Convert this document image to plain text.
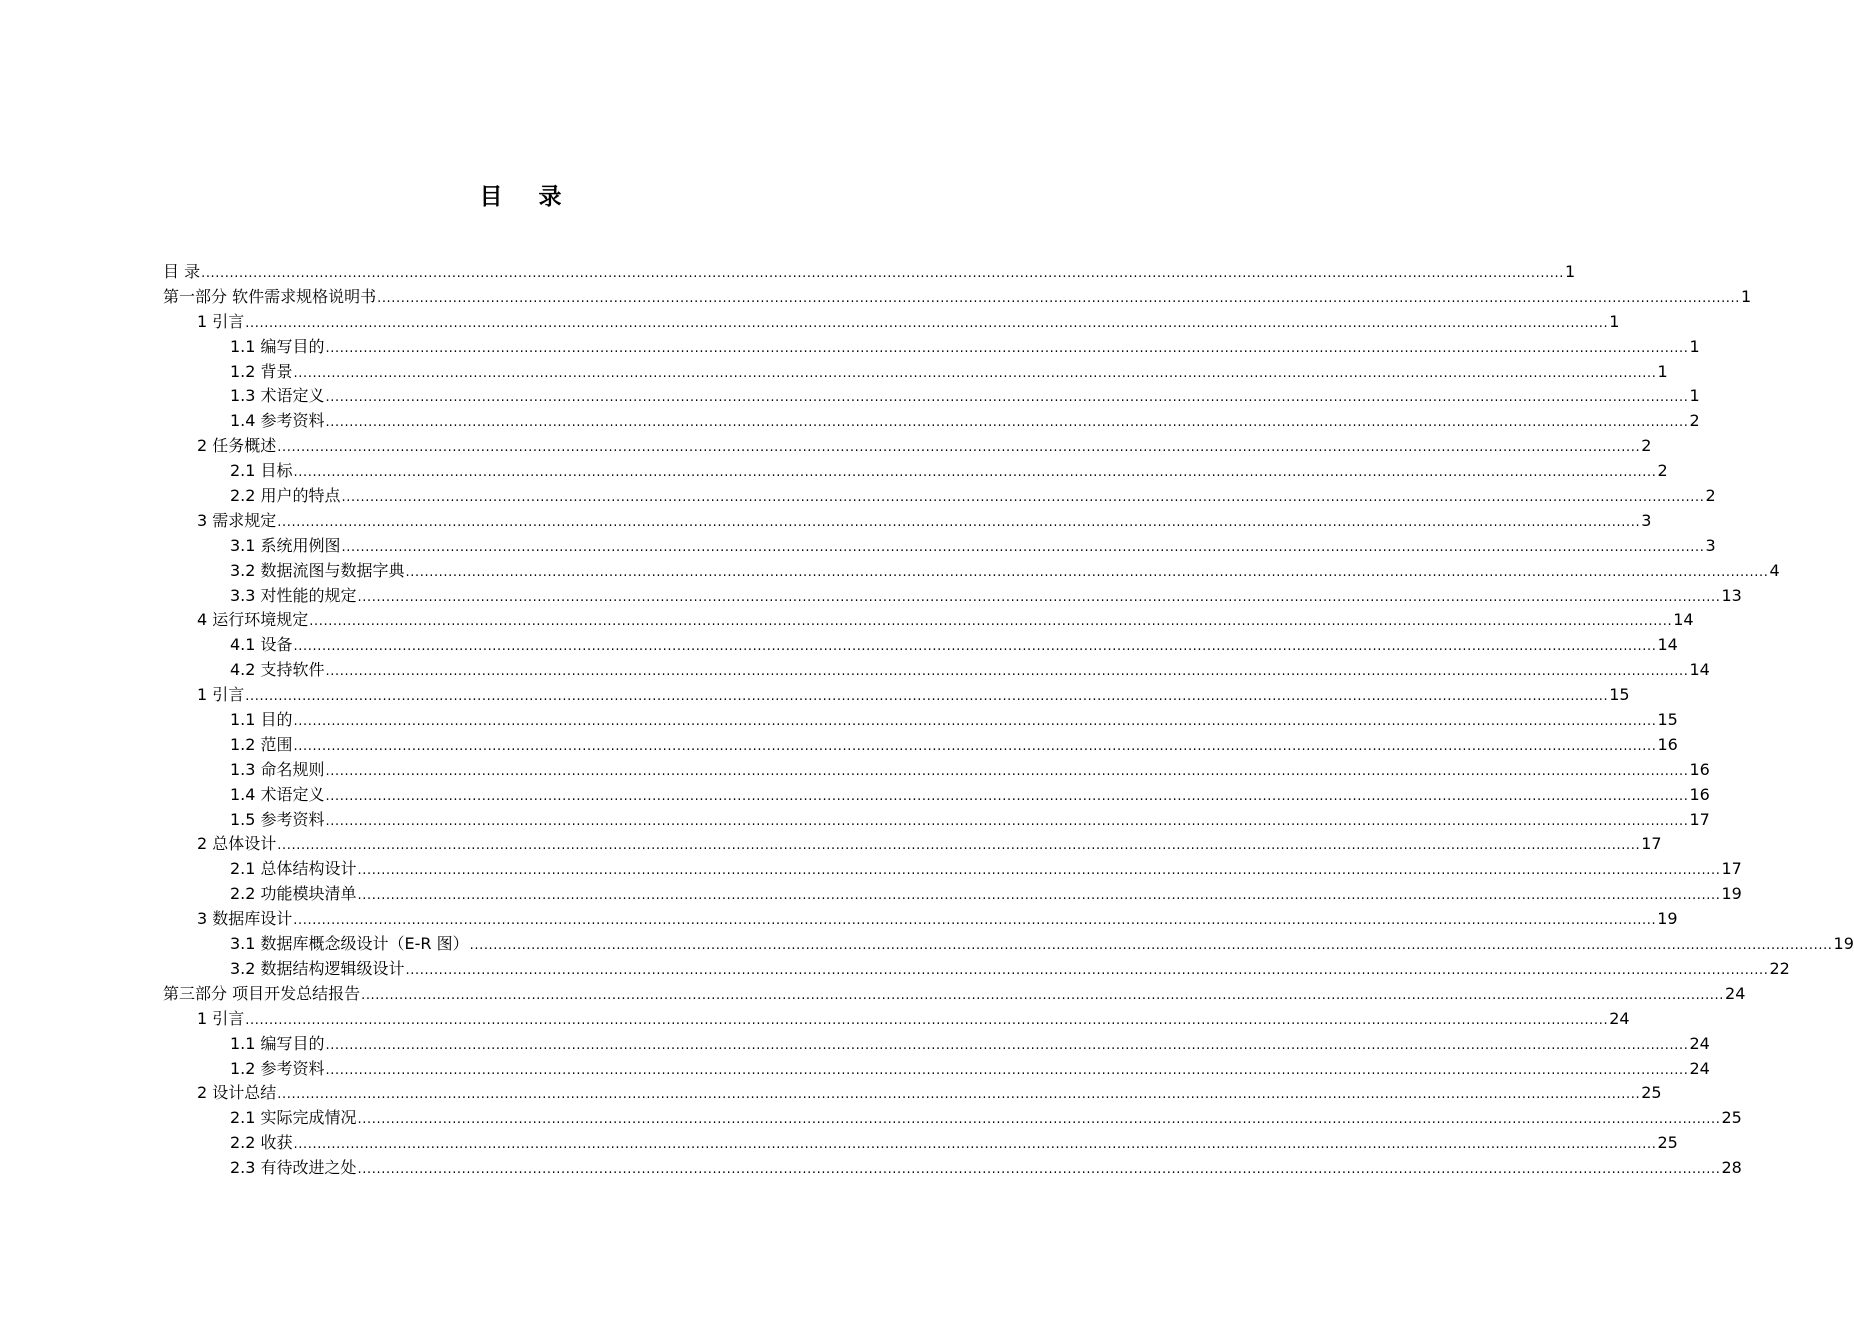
目 录
目 录 ................................................................................................................................................................................................................................................................................................ 1
第一部分 软件需求规格说明书 ................................................................................................................................................................................................................................................................................................ 1
1 引言 ................................................................................................................................................................................................................................................................................................ 1
1.1 编写目的 ................................................................................................................................................................................................................................................................................................ 1
1.2 背景 ................................................................................................................................................................................................................................................................................................ 1
1.3 术语定义 ................................................................................................................................................................................................................................................................................................ 1
1.4 参考资料 ................................................................................................................................................................................................................................................................................................ 2
2 任务概述 ................................................................................................................................................................................................................................................................................................ 2
2.1 目标 ................................................................................................................................................................................................................................................................................................ 2
2.2 用户的特点 ................................................................................................................................................................................................................................................................................................ 2
3 需求规定 ................................................................................................................................................................................................................................................................................................ 3
3.1 系统用例图 ................................................................................................................................................................................................................................................................................................ 3
3.2 数据流图与数据字典 ................................................................................................................................................................................................................................................................................................ 4
3.3 对性能的规定 ................................................................................................................................................................................................................................................................................................ 13
4 运行环境规定 ................................................................................................................................................................................................................................................................................................ 14
4.1 设备 ................................................................................................................................................................................................................................................................................................ 14
4.2 支持软件 ................................................................................................................................................................................................................................................................................................ 14
1 引言 ................................................................................................................................................................................................................................................................................................ 15
1.1 目的 ................................................................................................................................................................................................................................................................................................ 15
1.2 范围 ................................................................................................................................................................................................................................................................................................ 16
1.3 命名规则 ................................................................................................................................................................................................................................................................................................ 16
1.4 术语定义 ................................................................................................................................................................................................................................................................................................ 16
1.5 参考资料 ................................................................................................................................................................................................................................................................................................ 17
2 总体设计 ................................................................................................................................................................................................................................................................................................ 17
2.1 总体结构设计 ................................................................................................................................................................................................................................................................................................ 17
2.2 功能模块清单 ................................................................................................................................................................................................................................................................................................ 19
3 数据库设计 ................................................................................................................................................................................................................................................................................................ 19
3.1 数据库概念级设计（E-R 图） ................................................................................................................................................................................................................................................................................................ 19
3.2 数据结构逻辑级设计 ................................................................................................................................................................................................................................................................................................ 22
第三部分 项目开发总结报告 ................................................................................................................................................................................................................................................................................................ 24
1 引言 ................................................................................................................................................................................................................................................................................................ 24
1.1 编写目的 ................................................................................................................................................................................................................................................................................................ 24
1.2 参考资料 ................................................................................................................................................................................................................................................................................................ 24
2 设计总结 ................................................................................................................................................................................................................................................................................................ 25
2.1 实际完成情况 ................................................................................................................................................................................................................................................................................................ 25
2.2 收获 ................................................................................................................................................................................................................................................................................................ 25
2.3 有待改进之处 ................................................................................................................................................................................................................................................................................................ 28
